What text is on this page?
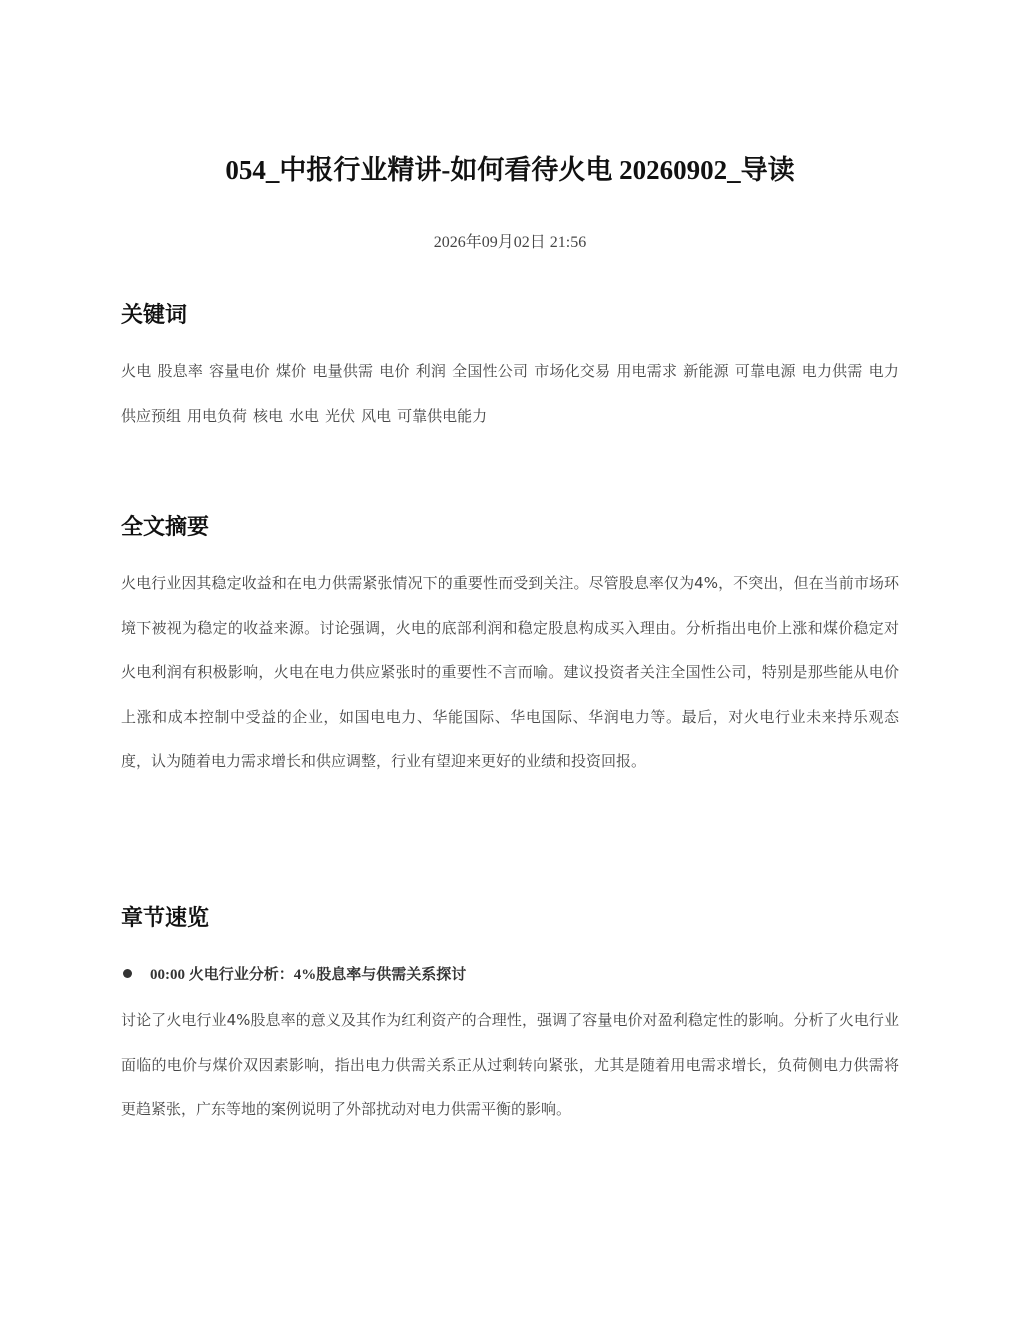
054_中报行业精讲-如何看待火电 20260902_导读
2026年09月02日 21:56
关键词

火电 股息率 容量电价 煤价 电量供需 电价 利润 全国性公司 市场化交易 用电需求 新能源 可靠电源 电力供需 电力供应预组 用电负荷 核电 水电 光伏 风电 可靠供电能力

全文摘要

火电行业因其稳定收益和在电力供需紧张情况下的重要性而受到关注。尽管股息率仅为4%，不突出，但在当前市场环境下被视为稳定的收益来源。讨论强调，火电的底部利润和稳定股息构成买入理由。分析指出电价上涨和煤价稳定对火电利润有积极影响，火电在电力供应紧张时的重要性不言而喻。建议投资者关注全国性公司，特别是那些能从电价上涨和成本控制中受益的企业，如国电电力、华能国际、华电国际、华润电力等。最后，对火电行业未来持乐观态度，认为随着电力需求增长和供应调整，行业有望迎来更好的业绩和投资回报。

章节速览
00:00 火电行业分析：4%股息率与供需关系探讨

讨论了火电行业4%股息率的意义及其作为红利资产的合理性，强调了容量电价对盈利稳定性的影响。分析了火电行业面临的电价与煤价双因素影响，指出电力供需关系正从过剩转向紧张，尤其是随着用电需求增长，负荷侧电力供需将更趋紧张，广东等地的案例说明了外部扰动对电力供需平衡的影响。
